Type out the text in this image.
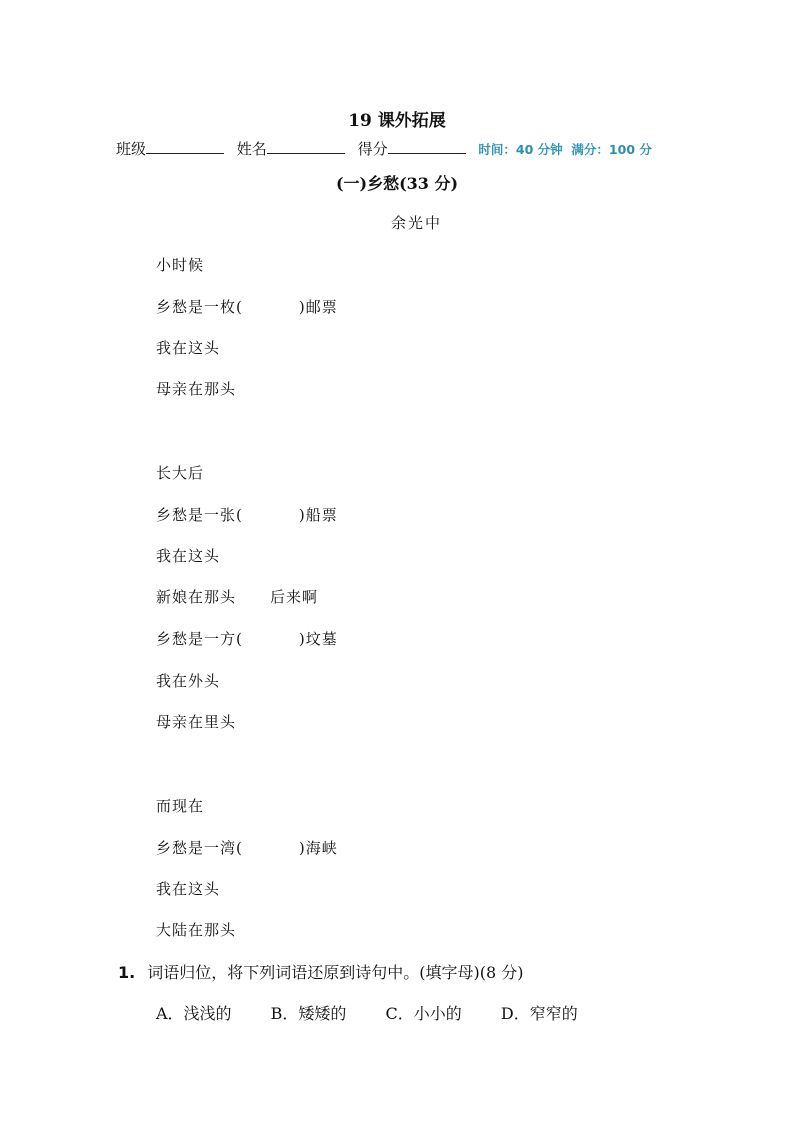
19 课外拓展
班级	姓名	得分	时间：40 分钟 满分：100 分
(一)乡愁(33 分)
余光中
小时候
乡愁是一枚(	)邮票
我在这头
母亲在那头
长大后
乡愁是一张(	)船票
我在这头
新娘在那头 后来啊
乡愁是一方(	)坟墓
我在外头
母亲在里头
而现在
乡愁是一湾(	)海峡
我在这头
大陆在那头
1. 词语归位，将下列词语还原到诗句中。(填字母)(8 分)
A．浅浅的 B．矮矮的 C．小小的 D．窄窄的
